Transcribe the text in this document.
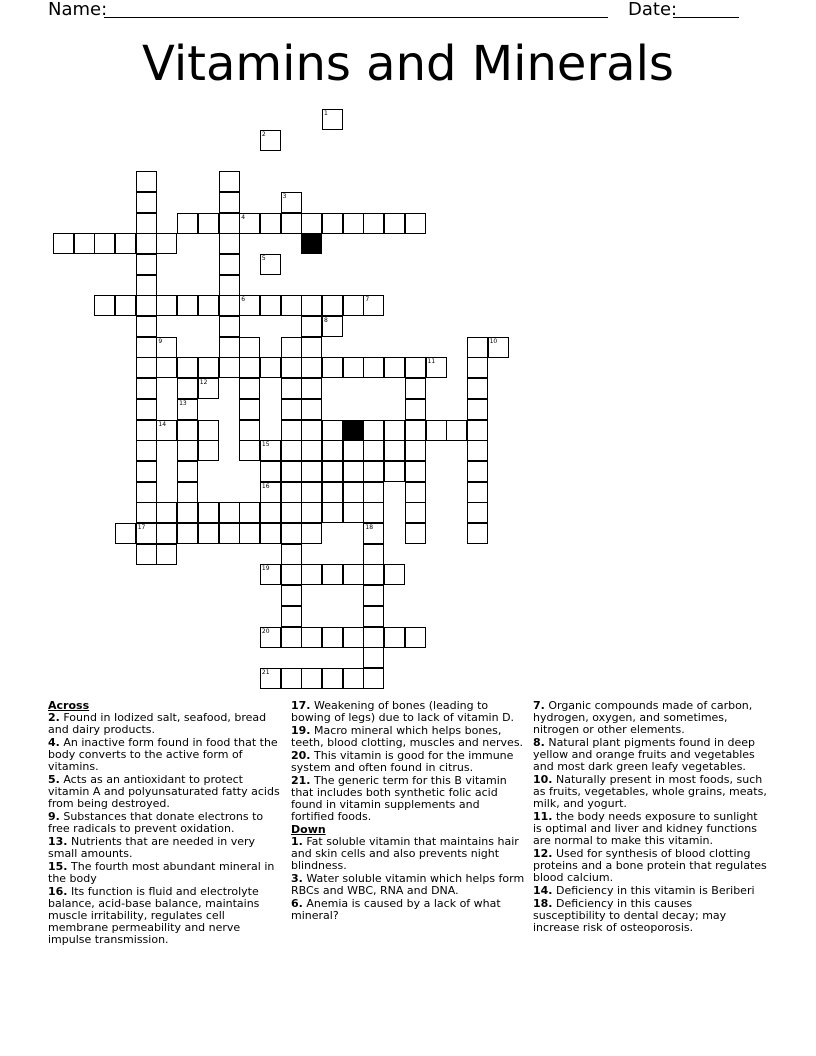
Name:	Date:
Vitamins and Minerals
6	7
4
15
17
13
16
19
18
20
21
1
2
3
5
8
9	10
11
12
14
Across
2. Found in Iodized salt, seafood, bread and dairy products.
4. An inactive form found in food that the body converts to the active form of vitamins.
5. Acts as an antioxidant to protect vitamin A and polyunsaturated fatty acids from being destroyed.
9. Substances that donate electrons to free radicals to prevent oxidation.
13. Nutrients that are needed in very small amounts.
15. The fourth most abundant mineral in the body
16. Its function is fluid and electrolyte balance, acid-base balance, maintains muscle irritability, regulates cell membrane permeability and nerve impulse transmission.
17. Weakening of bones (leading to bowing of legs) due to lack of vitamin D.
19. Macro mineral which helps bones, teeth, blood clotting, muscles and nerves.
20. This vitamin is good for the immune system and often found in citrus.
21. The generic term for this B vitamin that includes both synthetic folic acid found in vitamin supplements and fortified foods.
Down
1. Fat soluble vitamin that maintains hair and skin cells and also prevents night blindness.
3. Water soluble vitamin which helps form RBCs and WBC, RNA and DNA.
6. Anemia is caused by a lack of what mineral?
7. Organic compounds made of carbon, hydrogen, oxygen, and sometimes, nitrogen or other elements.
8. Natural plant pigments found in deep yellow and orange fruits and vegetables and most dark green leafy vegetables.
10. Naturally present in most foods, such as fruits, vegetables, whole grains, meats, milk, and yogurt.
11. the body needs exposure to sunlight is optimal and liver and kidney functions are normal to make this vitamin.
12. Used for synthesis of blood clotting proteins and a bone protein that regulates blood calcium.
14. Deficiency in this vitamin is Beriberi
18. Deficiency in this causes susceptibility to dental decay; may increase risk of osteoporosis.
